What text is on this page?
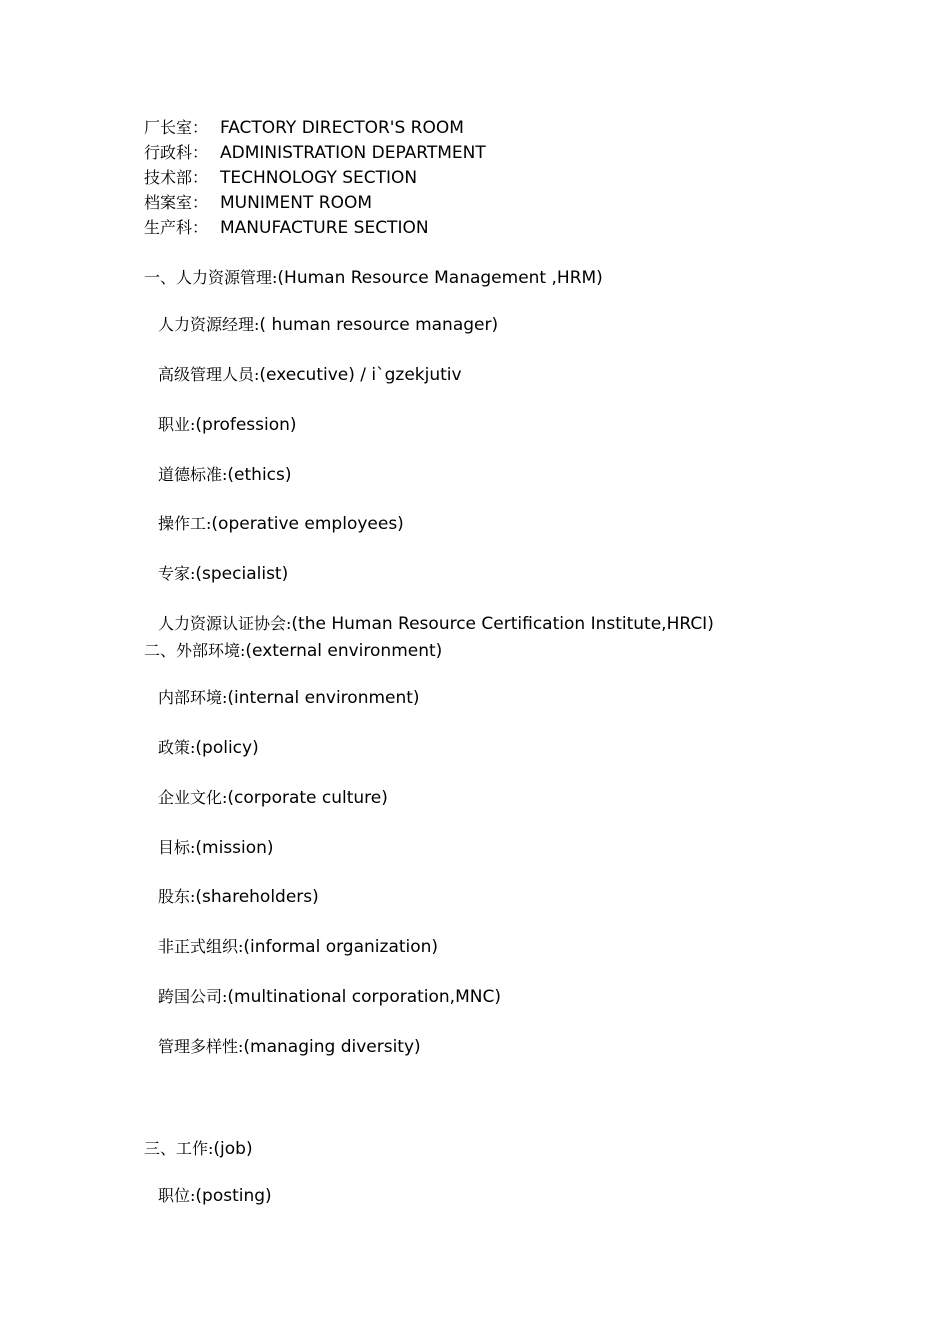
厂长室： FACTORY DIRECTOR'S ROOM
行政科： ADMINISTRATION DEPARTMENT
技术部： TECHNOLOGY SECTION
档案室： MUNIMENT ROOM
生产科： MANUFACTURE SECTION
一、人力资源管理:(Human Resource Management ,HRM)
人力资源经理:( human resource manager)
高级管理人员:(executive) / i`gzekjutiv
职业:(profession)
道德标准:(ethics)
操作工:(operative employees)
专家:(specialist)
人力资源认证协会:(the Human Resource Certification Institute,HRCI)
二、外部环境:(external environment)
内部环境:(internal environment)
政策:(policy)
企业文化:(corporate culture)
目标:(mission)
股东:(shareholders)
非正式组织:(informal organization)
跨国公司:(multinational corporation,MNC)
管理多样性:(managing diversity)
三、工作:(job)
职位:(posting)
